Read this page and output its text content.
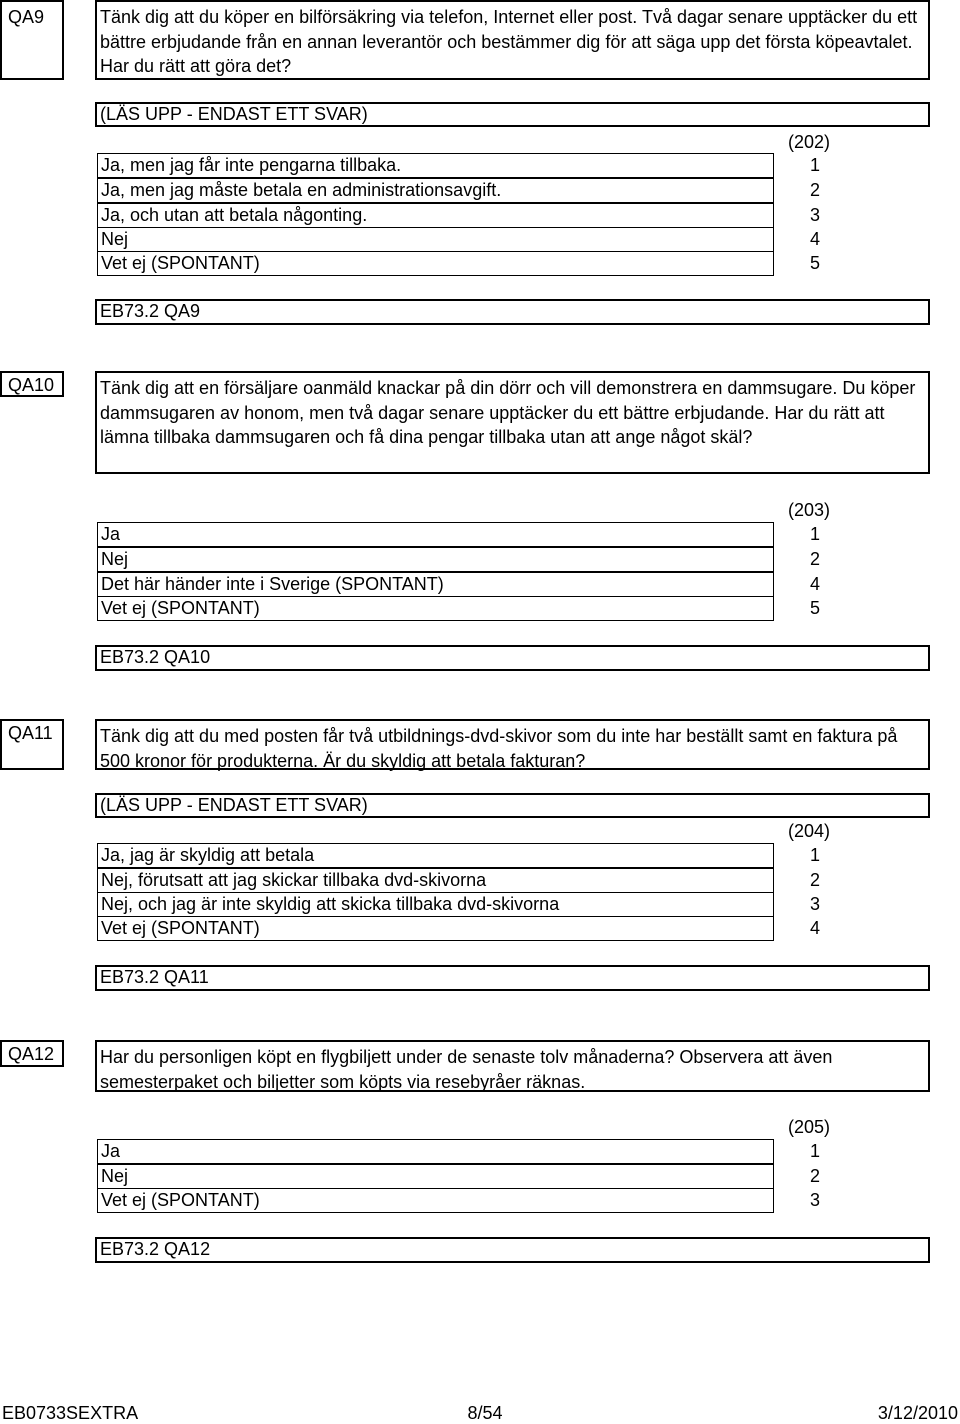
QA9	Tänk dig att du köper en bilförsäkring via telefon, Internet eller post. Två dagar senare upptäcker du ett bättre erbjudande från en annan leverantör och bestämmer dig för att säga upp det första köpeavtalet. Har du rätt att göra det?
(LÄS UPP - ENDAST ETT SVAR)
(202)
Ja, men jag får inte pengarna tillbaka.	1
Ja, men jag måste betala en administrationsavgift.	2
Ja, och utan att betala någonting.	3
Nej	4
Vet ej (SPONTANT)	5
EB73.2 QA9
QA10	Tänk dig att en försäljare oanmäld knackar på din dörr och vill demonstrera en dammsugare. Du köper dammsugaren av honom, men två dagar senare upptäcker du ett bättre erbjudande. Har du rätt att lämna tillbaka dammsugaren och få dina pengar tillbaka utan att ange något skäl?
(203)
Ja	1
Nej	2
Det här händer inte i Sverige (SPONTANT)	4
Vet ej (SPONTANT)	5
EB73.2 QA10
QA11	Tänk dig att du med posten får två utbildnings-dvd-skivor som du inte har beställt samt en faktura på 500 kronor för produkterna. Är du skyldig att betala fakturan?
(LÄS UPP - ENDAST ETT SVAR)
(204)
Ja, jag är skyldig att betala	1
Nej, förutsatt att jag skickar tillbaka dvd-skivorna	2
Nej, och jag är inte skyldig att skicka tillbaka dvd-skivorna	3
Vet ej (SPONTANT)	4
EB73.2 QA11
QA12	Har du personligen köpt en flygbiljett under de senaste tolv månaderna? Observera att även semesterpaket och biljetter som köpts via resebyråer räknas.
(205)
Ja	1
Nej	2
Vet ej (SPONTANT)	3
EB73.2 QA12
EB0733SEXTRA	8/54	3/12/2010
